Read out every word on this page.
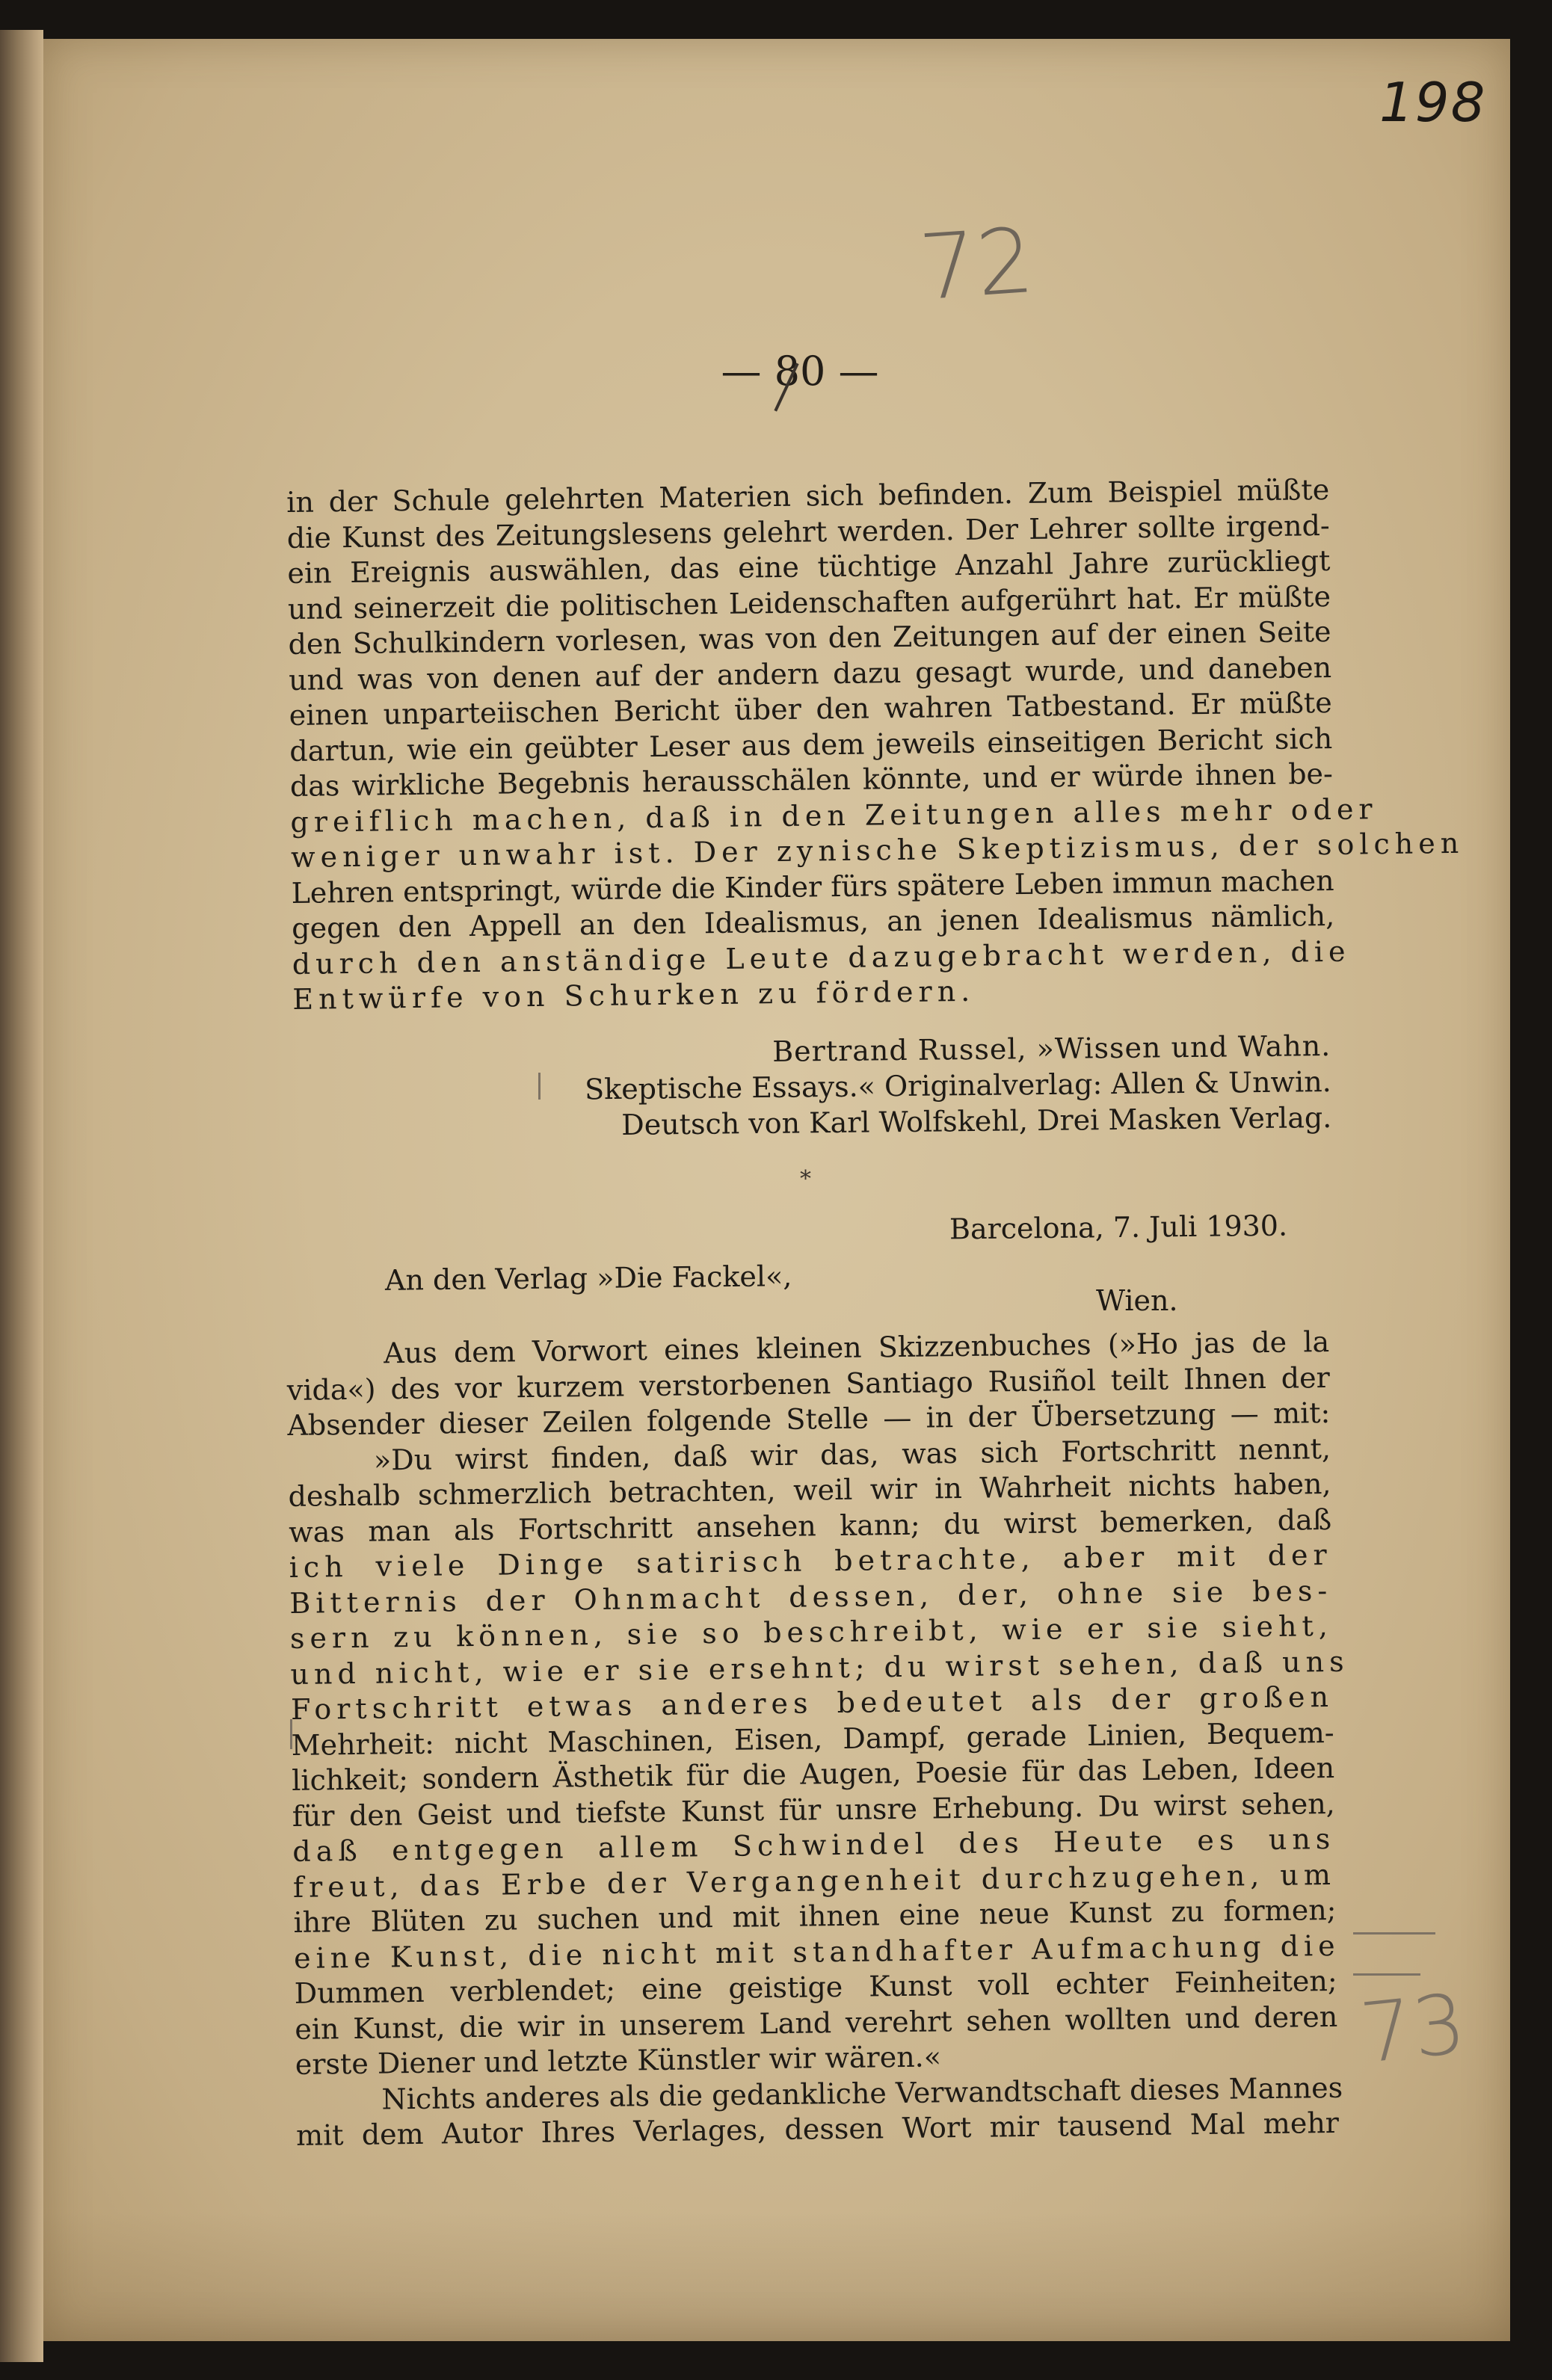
198
72
73
— 80 —
in der Schule gelehrten Materien sich befinden. Zum Beispiel müßte
die Kunst des Zeitungslesens gelehrt werden. Der Lehrer sollte irgend-
ein Ereignis auswählen, das eine tüchtige Anzahl Jahre zurückliegt
und seinerzeit die politischen Leidenschaften aufgerührt hat. Er müßte
den Schulkindern vorlesen, was von den Zeitungen auf der einen Seite
und was von denen auf der andern dazu gesagt wurde, und daneben
einen unparteiischen Bericht über den wahren Tatbestand. Er müßte
dartun, wie ein geübter Leser aus dem jeweils einseitigen Bericht sich
das wirkliche Begebnis herausschälen könnte, und er würde ihnen be-
greiflich machen, daß in den Zeitungen alles mehr oder
weniger unwahr ist. Der zynische Skeptizismus, der solchen
Lehren entspringt, würde die Kinder fürs spätere Leben immun machen
gegen den Appell an den Idealismus, an jenen Idealismus nämlich,
durch den anständige Leute dazugebracht werden, die
Entwürfe von Schurken zu fördern.
Bertrand Russel, »Wissen und Wahn.
Skeptische Essays.« Originalverlag: Allen & Unwin.
Deutsch von Karl Wolfskehl, Drei Masken Verlag.
*
Barcelona, 7. Juli 1930.
An den Verlag »Die Fackel«,
Wien.
Aus dem Vorwort eines kleinen Skizzenbuches (»Ho jas de la
vida«) des vor kurzem verstorbenen Santiago Rusiñol teilt Ihnen der
Absender dieser Zeilen folgende Stelle — in der Übersetzung — mit:
»Du wirst finden, daß wir das, was sich Fortschritt nennt,
deshalb schmerzlich betrachten, weil wir in Wahrheit nichts haben,
was man als Fortschritt ansehen kann; du wirst bemerken, daß
ich viele Dinge satirisch betrachte, aber mit der
Bitternis der Ohnmacht dessen, der, ohne sie bes-
sern zu können, sie so beschreibt, wie er sie sieht,
und nicht, wie er sie ersehnt; du wirst sehen, daß uns
Fortschritt etwas anderes bedeutet als der großen
Mehrheit: nicht Maschinen, Eisen, Dampf, gerade Linien, Bequem-
lichkeit; sondern Ästhetik für die Augen, Poesie für das Leben, Ideen
für den Geist und tiefste Kunst für unsre Erhebung. Du wirst sehen,
daß entgegen allem Schwindel des Heute es uns
freut, das Erbe der Vergangenheit durchzugehen, um
ihre Blüten zu suchen und mit ihnen eine neue Kunst zu formen;
eine Kunst, die nicht mit standhafter Aufmachung die
Dummen verblendet; eine geistige Kunst voll echter Feinheiten;
ein Kunst, die wir in unserem Land verehrt sehen wollten und deren
erste Diener und letzte Künstler wir wären.«
Nichts anderes als die gedankliche Verwandtschaft dieses Mannes
mit dem Autor Ihres Verlages, dessen Wort mir tausend Mal mehr
